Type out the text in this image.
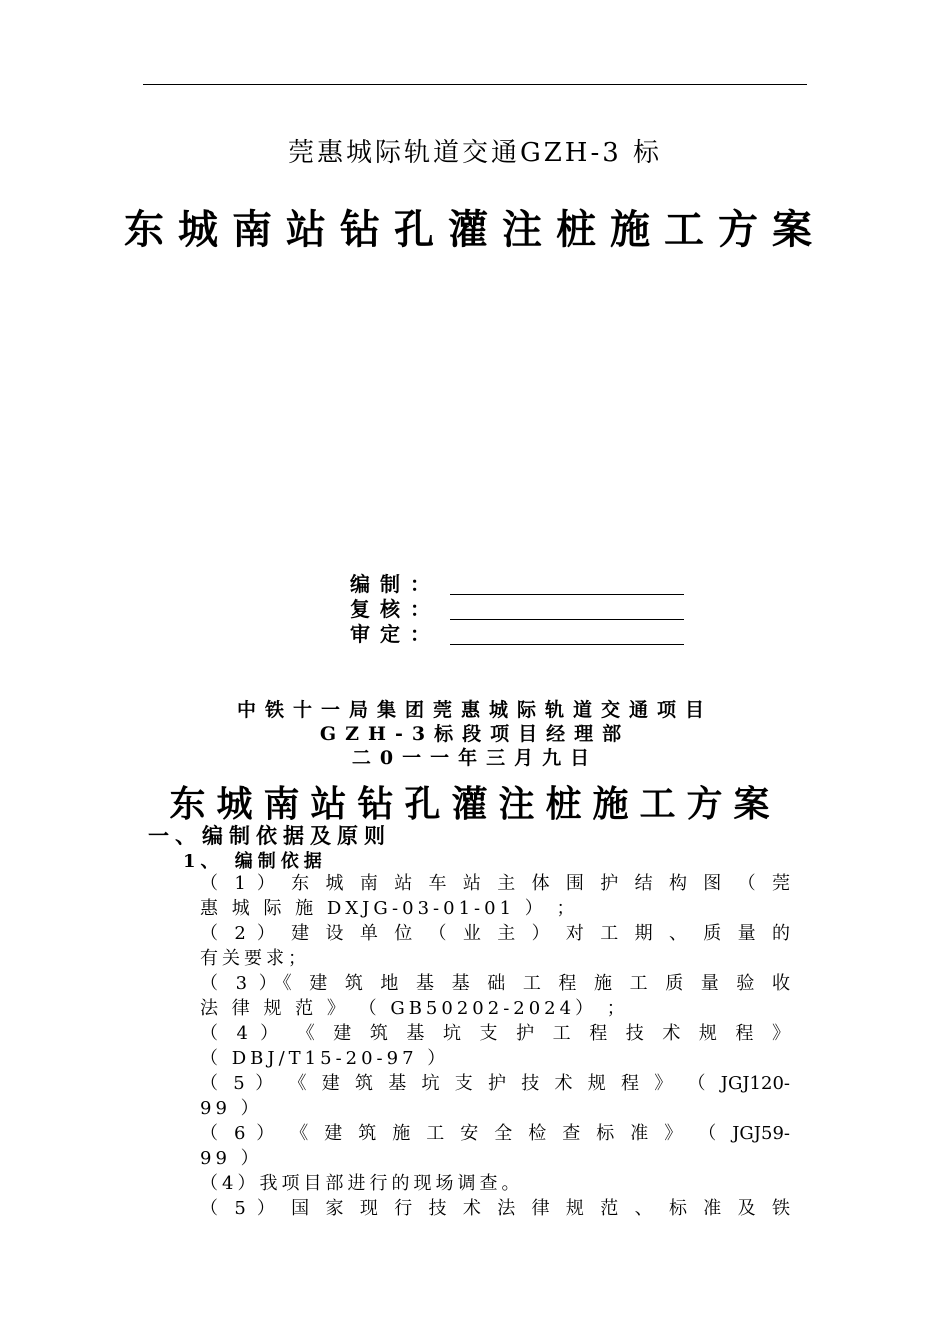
莞惠城际轨道交通GZH-3 标
东城南站钻孔灌注桩施工方案
编制：
复核：
审定：
中铁十一局集团莞惠城际轨道交通项目
GZH-3标段项目经理部
二0一一年三月九日
东城南站钻孔灌注桩施工方案
一、编制依据及原则
1、 编制依据
（ 1 ） 东 城 南 站 车 站 主 体 围 护 结 构 图 （ 莞
惠 城 际 施 DXJG-03-01-01 ） ；
（ 2 ） 建 设 单 位 （ 业 主 ） 对 工 期 、 质 量 的
有关要求；
（ 3 ）《 建 筑 地 基 基 础 工 程 施 工 质 量 验 收
法 律 规 范 》 （ GB50202-2024） ；
（ 4 ） 《 建 筑 基 坑 支 护 工 程 技 术 规 程 》
（ DBJ/T15-20-97 ）
（ 5 ） 《 建 筑 基 坑 支 护 技 术 规 程 》 （ JGJ120-
99 ）
（ 6 ） 《 建 筑 施 工 安 全 检 查 标 准 》 （ JGJ59-
99 ）
（4）我项目部进行的现场调查。
（ 5 ） 国 家 现 行 技 术 法 律 规 范 、 标 准 及 铁
